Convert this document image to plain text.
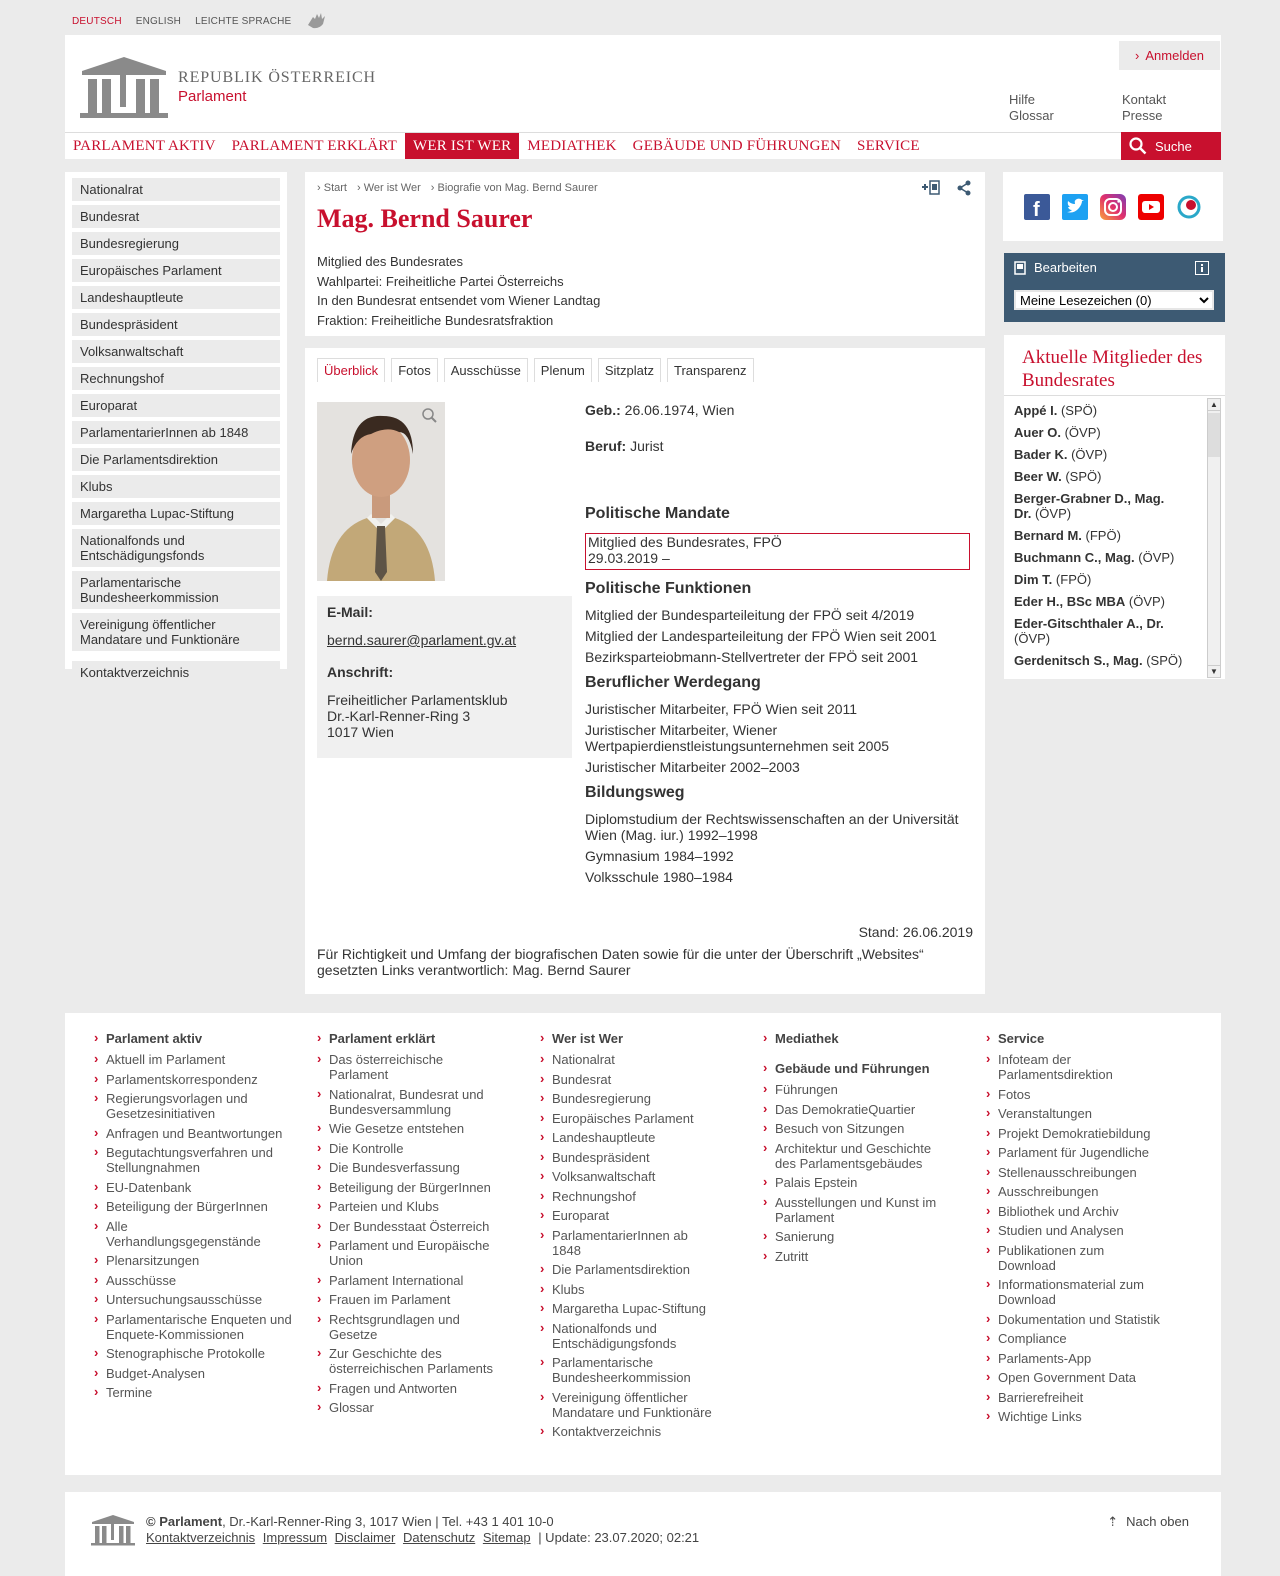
DEUTSCH ENGLISH LEICHTE SPRACHE
REPUBLIK ÖSTERREICH
Parlament
› Anmelden
Hilfe
Glossar
Kontakt
Presse
PARLAMENT AKTIV	PARLAMENT ERKLÄRT	WER IST WER	MEDIATHEK	GEBÄUDE UND FÜHRUNGEN	SERVICE	Suche
Nationalrat
Bundesrat
Bundesregierung
Europäisches Parlament
Landeshauptleute
Bundespräsident
Volksanwaltschaft
Rechnungshof
Europarat
ParlamentarierInnen ab 1848
Die Parlamentsdirektion
Klubs
Margaretha Lupac-Stiftung
Nationalfonds und Entschädigungsfonds
Parlamentarische Bundesheerkommission
Vereinigung öffentlicher Mandatare und Funktionäre
Kontaktverzeichnis
› Start	› Wer ist Wer	› Biografie von Mag. Bernd Saurer
Mag. Bernd Saurer
Mitglied des Bundesrates
Wahlpartei: Freiheitliche Partei Österreichs
In den Bundesrat entsendet vom Wiener Landtag
Fraktion: Freiheitliche Bundesratsfraktion
Überblick	Fotos	Ausschüsse	Plenum	Sitzplatz	Transparenz
E-Mail:
bernd.saurer@parlament.gv.at
Anschrift:
Freiheitlicher Parlamentsklub
Dr.-Karl-Renner-Ring 3
1017 Wien
Geb.: 26.06.1974, Wien
Beruf: Jurist
Politische Mandate
Mitglied des Bundesrates, FPÖ
29.03.2019 –
Politische Funktionen
Mitglied der Bundesparteileitung der FPÖ seit 4/2019
Mitglied der Landesparteileitung der FPÖ Wien seit 2001
Bezirksparteiobmann-Stellvertreter der FPÖ seit 2001
Beruflicher Werdegang
Juristischer Mitarbeiter, FPÖ Wien seit 2011
Juristischer Mitarbeiter, Wiener Wertpapierdienstleistungsunternehmen seit 2005
Juristischer Mitarbeiter 2002–2003
Bildungsweg
Diplomstudium der Rechtswissenschaften an der Universität Wien (Mag. iur.) 1992–1998
Gymnasium 1984–1992
Volksschule 1980–1984
Stand: 26.06.2019
Für Richtigkeit und Umfang der biografischen Daten sowie für die unter der Überschrift „Websites“ gesetzten Links verantwortlich: Mag. Bernd Saurer
f
Bearbeiten
Meine Lesezeichen (0)
Aktuelle Mitglieder des Bundesrates
Appé I. (SPÖ)
Auer O. (ÖVP)
Bader K. (ÖVP)
Beer W. (SPÖ)
Berger-Grabner D., Mag. Dr. (ÖVP)
Bernard M. (FPÖ)
Buchmann C., Mag. (ÖVP)
Dim T. (FPÖ)
Eder H., BSc MBA (ÖVP)
Eder-Gitschthaler A., Dr. (ÖVP)
Gerdenitsch S., Mag. (SPÖ)
▲
▼
› Parlament aktiv
› Aktuell im Parlament
› Parlamentskorrespondenz
› Regierungsvorlagen und Gesetzesinitiativen
› Anfragen und Beantwortungen
› Begutachtungsverfahren und Stellungnahmen
› EU-Datenbank
› Beteiligung der BürgerInnen
› Alle Verhandlungsgegenstände
› Plenarsitzungen
› Ausschüsse
› Untersuchungsausschüsse
› Parlamentarische Enqueten und Enquete-Kommissionen
› Stenographische Protokolle
› Budget-Analysen
› Termine
› Parlament erklärt
› Das österreichische Parlament
› Nationalrat, Bundesrat und Bundesversammlung
› Wie Gesetze entstehen
› Die Kontrolle
› Die Bundesverfassung
› Beteiligung der BürgerInnen
› Parteien und Klubs
› Der Bundesstaat Österreich
› Parlament und Europäische Union
› Parlament International
› Frauen im Parlament
› Rechtsgrundlagen und Gesetze
› Zur Geschichte des österreichischen Parlaments
› Fragen und Antworten
› Glossar
› Wer ist Wer
› Nationalrat
› Bundesrat
› Bundesregierung
› Europäisches Parlament
› Landeshauptleute
› Bundespräsident
› Volksanwaltschaft
› Rechnungshof
› Europarat
› ParlamentarierInnen ab 1848
› Die Parlamentsdirektion
› Klubs
› Margaretha Lupac-Stiftung
› Nationalfonds und Entschädigungsfonds
› Parlamentarische Bundesheerkommission
› Vereinigung öffentlicher Mandatare und Funktionäre
› Kontaktverzeichnis
› Mediathek
› Gebäude und Führungen
› Führungen
› Das DemokratieQuartier
› Besuch von Sitzungen
› Architektur und Geschichte des Parlamentsgebäudes
› Palais Epstein
› Ausstellungen und Kunst im Parlament
› Sanierung
› Zutritt
› Service
› Infoteam der Parlamentsdirektion
› Fotos
› Veranstaltungen
› Projekt Demokratiebildung
› Parlament für Jugendliche
› Stellenausschreibungen
› Ausschreibungen
› Bibliothek und Archiv
› Studien und Analysen
› Publikationen zum Download
› Informationsmaterial zum Download
› Dokumentation und Statistik
› Compliance
› Parlaments-App
› Open Government Data
› Barrierefreiheit
› Wichtige Links
© Parlament, Dr.-Karl-Renner-Ring 3, 1017 Wien | Tel. +43 1 401 10-0
Kontaktverzeichnis Impressum Disclaimer Datenschutz Sitemap | Update: 23.07.2020; 02:21
⇡ Nach oben
